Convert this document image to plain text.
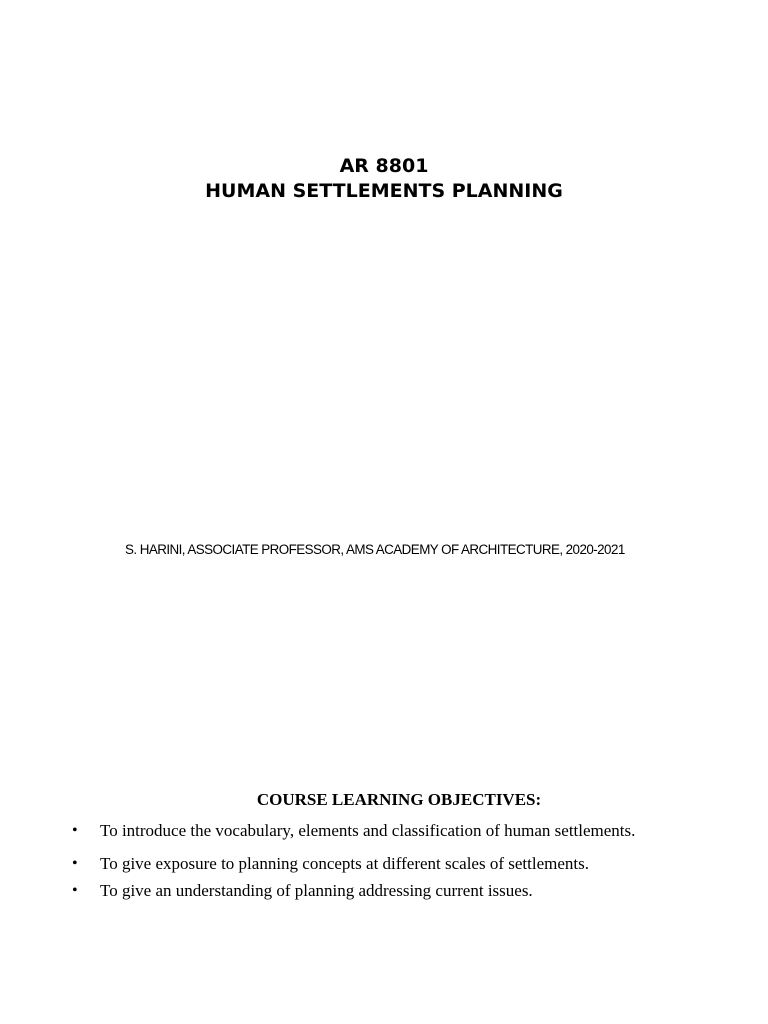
AR 8801
HUMAN SETTLEMENTS PLANNING
S. HARINI, ASSOCIATE PROFESSOR, AMS ACADEMY OF ARCHITECTURE, 2020-2021
COURSE LEARNING OBJECTIVES:
• To introduce the vocabulary, elements and classification of human settlements.
• To give exposure to planning concepts at different scales of settlements.
• To give an understanding of planning addressing current issues.
